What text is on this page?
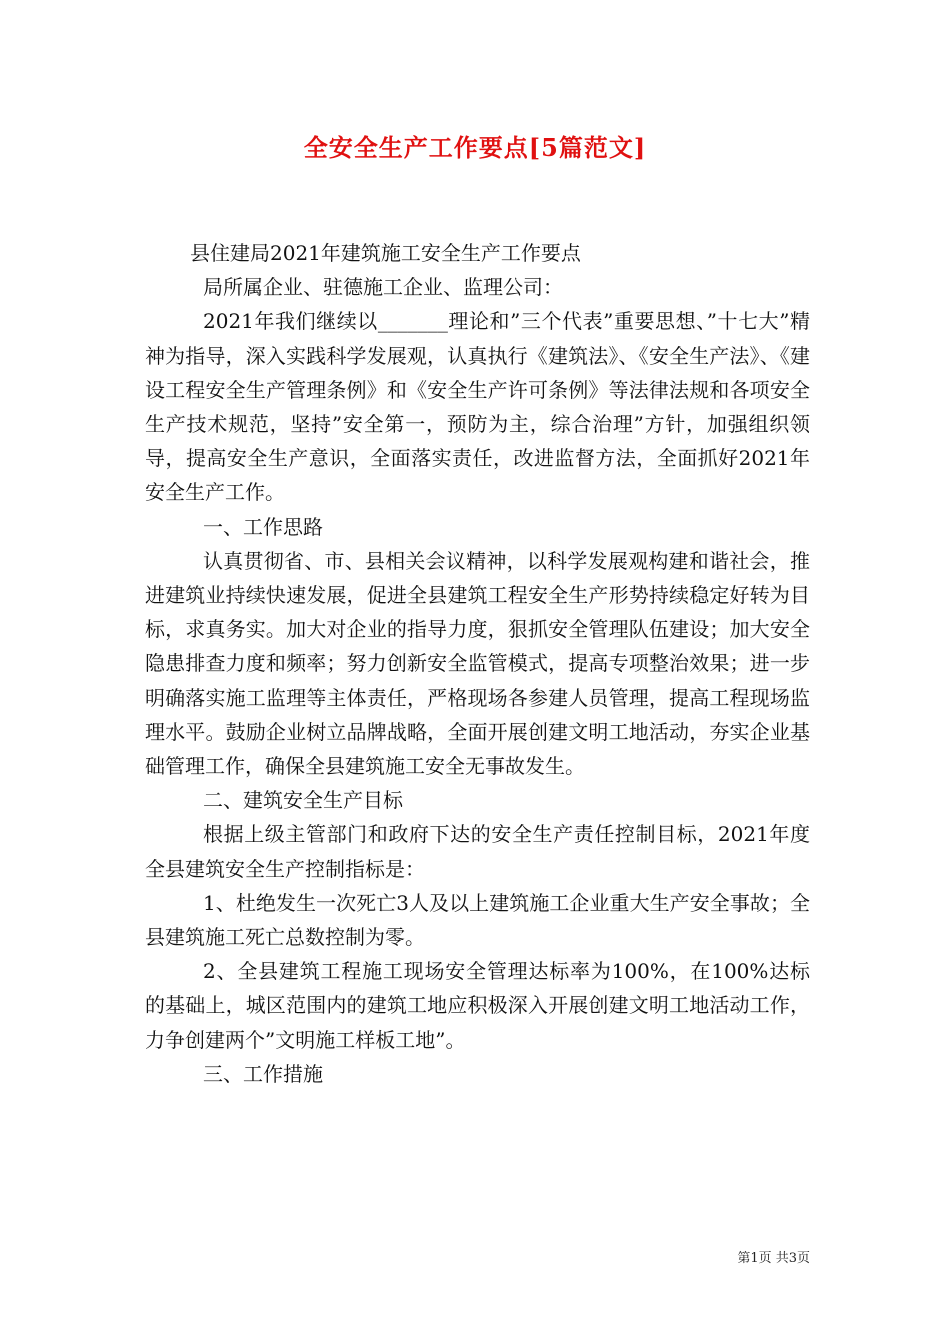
全安全生产工作要点[5篇范文]

县住建局2021年建筑施工安全生产工作要点

局所属企业、驻德施工企业、监理公司：

2021年我们继续以_______理论和”三个代表”重要思想、”十七大”精神为指导，深入实践科学发展观，认真执行《建筑法》、《安全生产法》、《建设工程安全生产管理条例》和《安全生产许可条例》等法律法规和各项安全生产技术规范，坚持”安全第一，预防为主，综合治理”方针，加强组织领导，提高安全生产意识，全面落实责任，改进监督方法，全面抓好2021年安全生产工作。

一、工作思路

认真贯彻省、市、县相关会议精神，以科学发展观构建和谐社会，推进建筑业持续快速发展，促进全县建筑工程安全生产形势持续稳定好转为目标，求真务实。加大对企业的指导力度，狠抓安全管理队伍建设；加大安全隐患排查力度和频率；努力创新安全监管模式，提高专项整治效果；进一步明确落实施工监理等主体责任，严格现场各参建人员管理，提高工程现场监理水平。鼓励企业树立品牌战略，全面开展创建文明工地活动，夯实企业基础管理工作，确保全县建筑施工安全无事故发生。

二、建筑安全生产目标

根据上级主管部门和政府下达的安全生产责任控制目标，2021年度全县建筑安全生产控制指标是：

1、杜绝发生一次死亡3人及以上建筑施工企业重大生产安全事故；全县建筑施工死亡总数控制为零。

2、全县建筑工程施工现场安全管理达标率为100%，在100%达标的基础上，城区范围内的建筑工地应积极深入开展创建文明工地活动工作，力争创建两个”文明施工样板工地”。

三、工作措施

第1页 共3页
